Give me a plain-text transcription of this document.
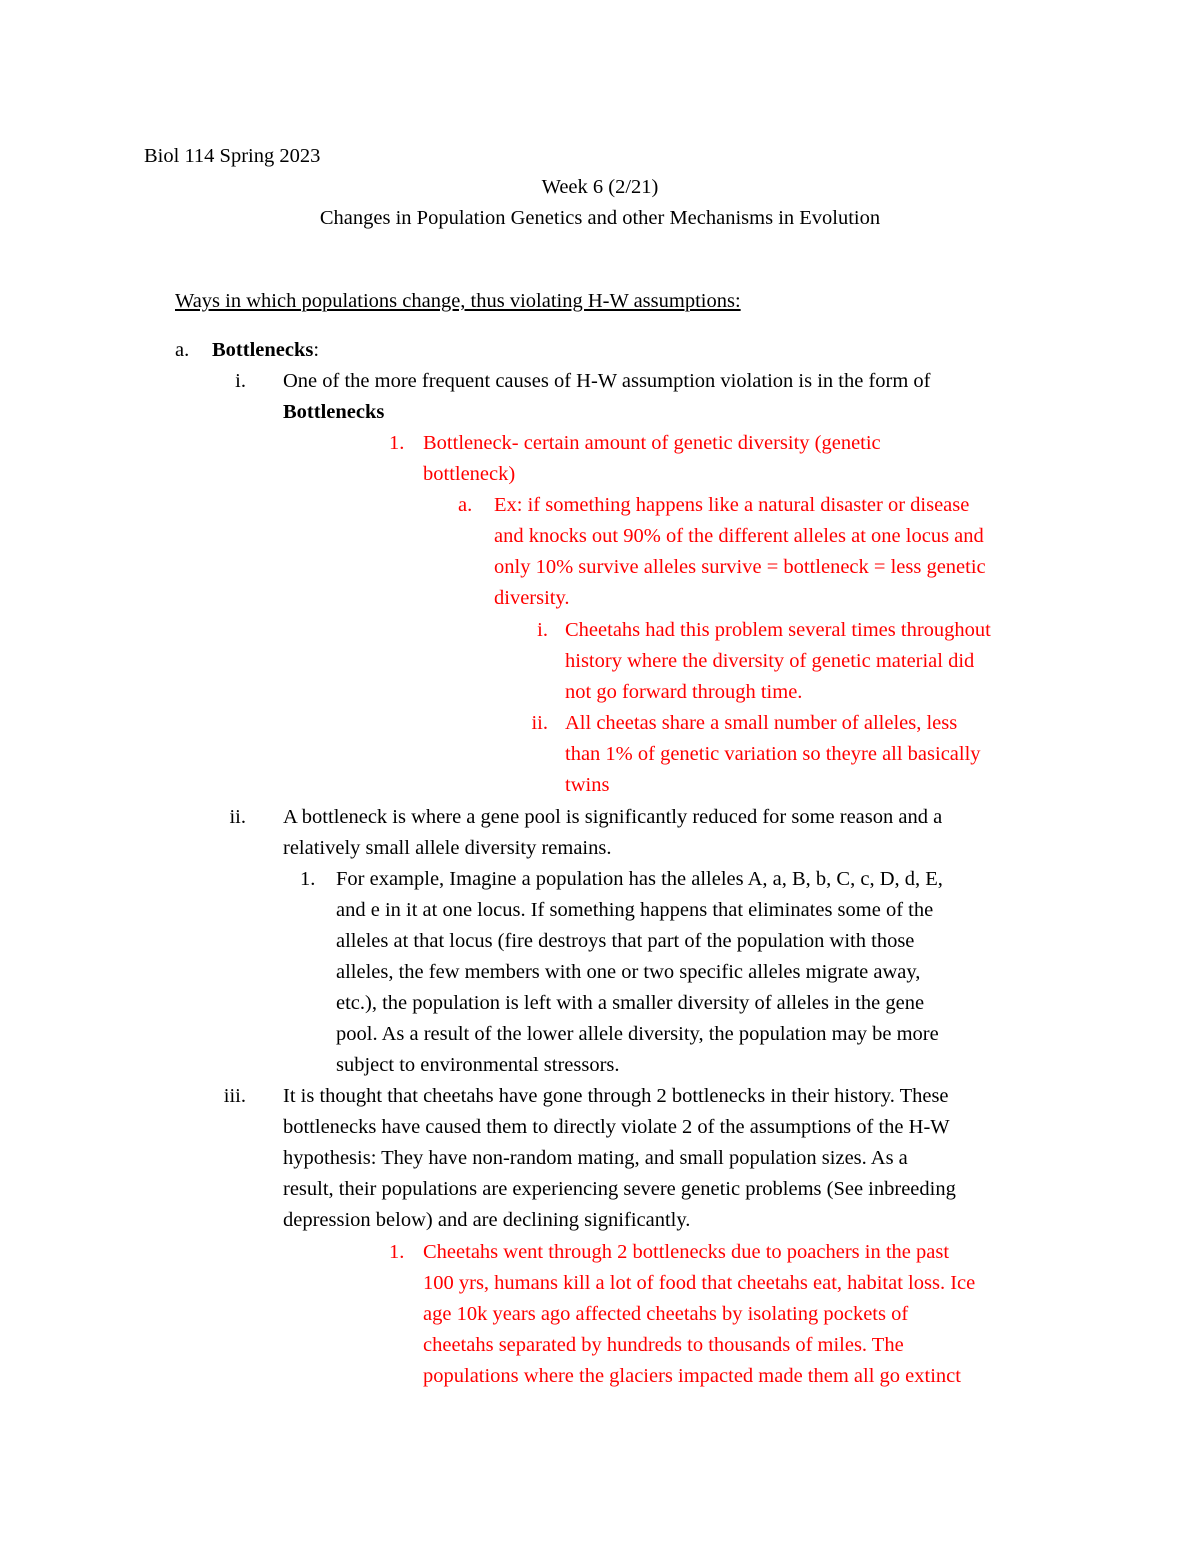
Biol 114 Spring 2023
Week 6 (2/21)
Changes in Population Genetics and other Mechanisms in Evolution
Ways in which populations change, thus violating H-W assumptions:
a. Bottlenecks:
i. One of the more frequent causes of H-W assumption violation is in the form of
Bottlenecks
1. Bottleneck- certain amount of genetic diversity (genetic
bottleneck)
a. Ex: if something happens like a natural disaster or disease
and knocks out 90% of the different alleles at one locus and
only 10% survive alleles survive = bottleneck = less genetic
diversity.
i. Cheetahs had this problem several times throughout
history where the diversity of genetic material did
not go forward through time.
ii. All cheetas share a small number of alleles, less
than 1% of genetic variation so theyre all basically
twins
ii. A bottleneck is where a gene pool is significantly reduced for some reason and a
relatively small allele diversity remains.
1. For example, Imagine a population has the alleles A, a, B, b, C, c, D, d, E,
and e in it at one locus. If something happens that eliminates some of the
alleles at that locus (fire destroys that part of the population with those
alleles, the few members with one or two specific alleles migrate away,
etc.), the population is left with a smaller diversity of alleles in the gene
pool. As a result of the lower allele diversity, the population may be more
subject to environmental stressors.
iii. It is thought that cheetahs have gone through 2 bottlenecks in their history. These
bottlenecks have caused them to directly violate 2 of the assumptions of the H-W
hypothesis: They have non-random mating, and small population sizes. As a
result, their populations are experiencing severe genetic problems (See inbreeding
depression below) and are declining significantly.
1. Cheetahs went through 2 bottlenecks due to poachers in the past
100 yrs, humans kill a lot of food that cheetahs eat, habitat loss. Ice
age 10k years ago affected cheetahs by isolating pockets of
cheetahs separated by hundreds to thousands of miles. The
populations where the glaciers impacted made them all go extinct
